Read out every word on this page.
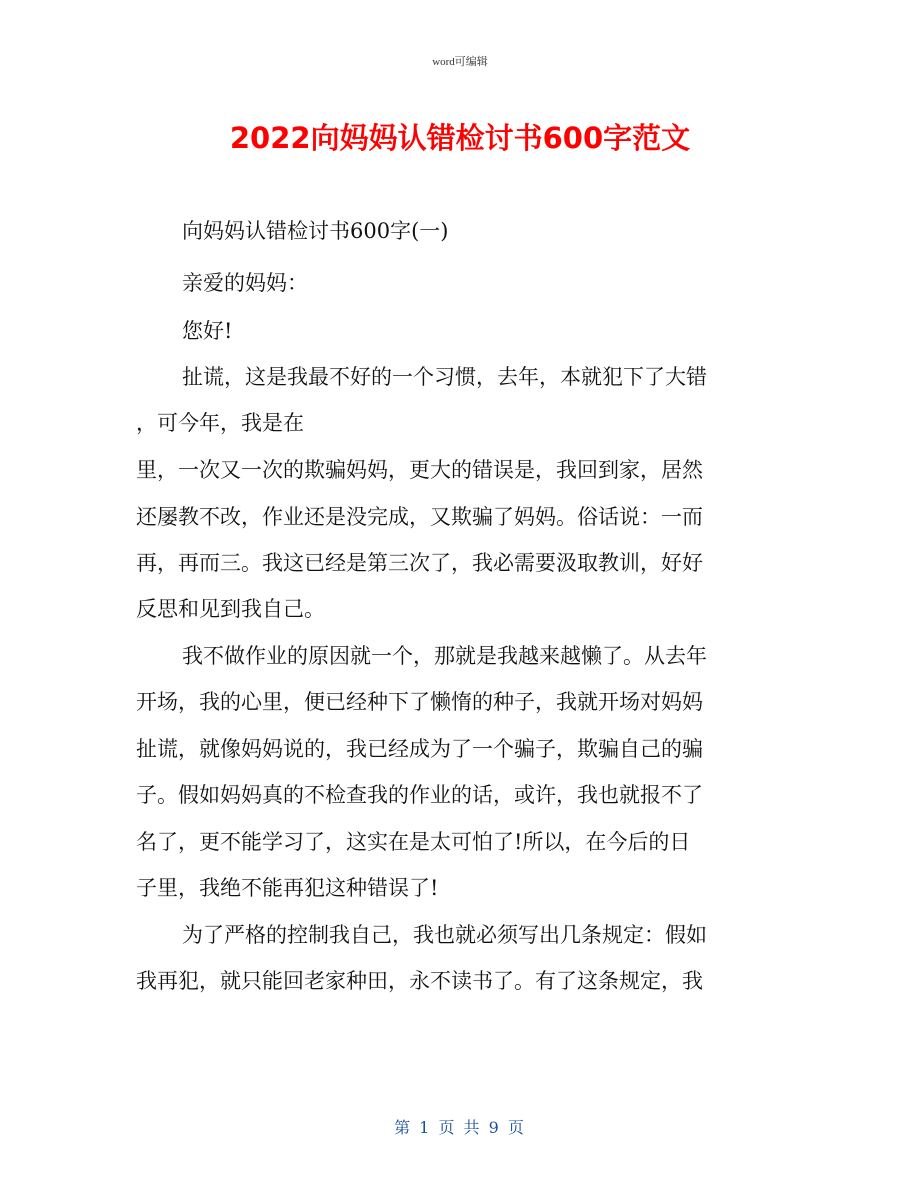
word可编辑
2022向妈妈认错检讨书600字范文
向妈妈认错检讨书600字(一)
亲爱的妈妈：
您好!
扯谎，这是我最不好的一个习惯，去年，本就犯下了大错
，可今年，我是在
里，一次又一次的欺骗妈妈，更大的错误是，我回到家，居然
还屡教不改，作业还是没完成，又欺骗了妈妈。俗话说：一而
再，再而三。我这已经是第三次了，我必需要汲取教训，好好
反思和见到我自己。
我不做作业的原因就一个，那就是我越来越懒了。从去年
开场，我的心里，便已经种下了懒惰的种子，我就开场对妈妈
扯谎，就像妈妈说的，我已经成为了一个骗子，欺骗自己的骗
子。假如妈妈真的不检查我的作业的话，或许，我也就报不了
名了，更不能学习了，这实在是太可怕了!所以，在今后的日
子里，我绝不能再犯这种错误了!
为了严格的控制我自己，我也就必须写出几条规定：假如
我再犯，就只能回老家种田，永不读书了。有了这条规定，我
第 1 页 共 9 页
